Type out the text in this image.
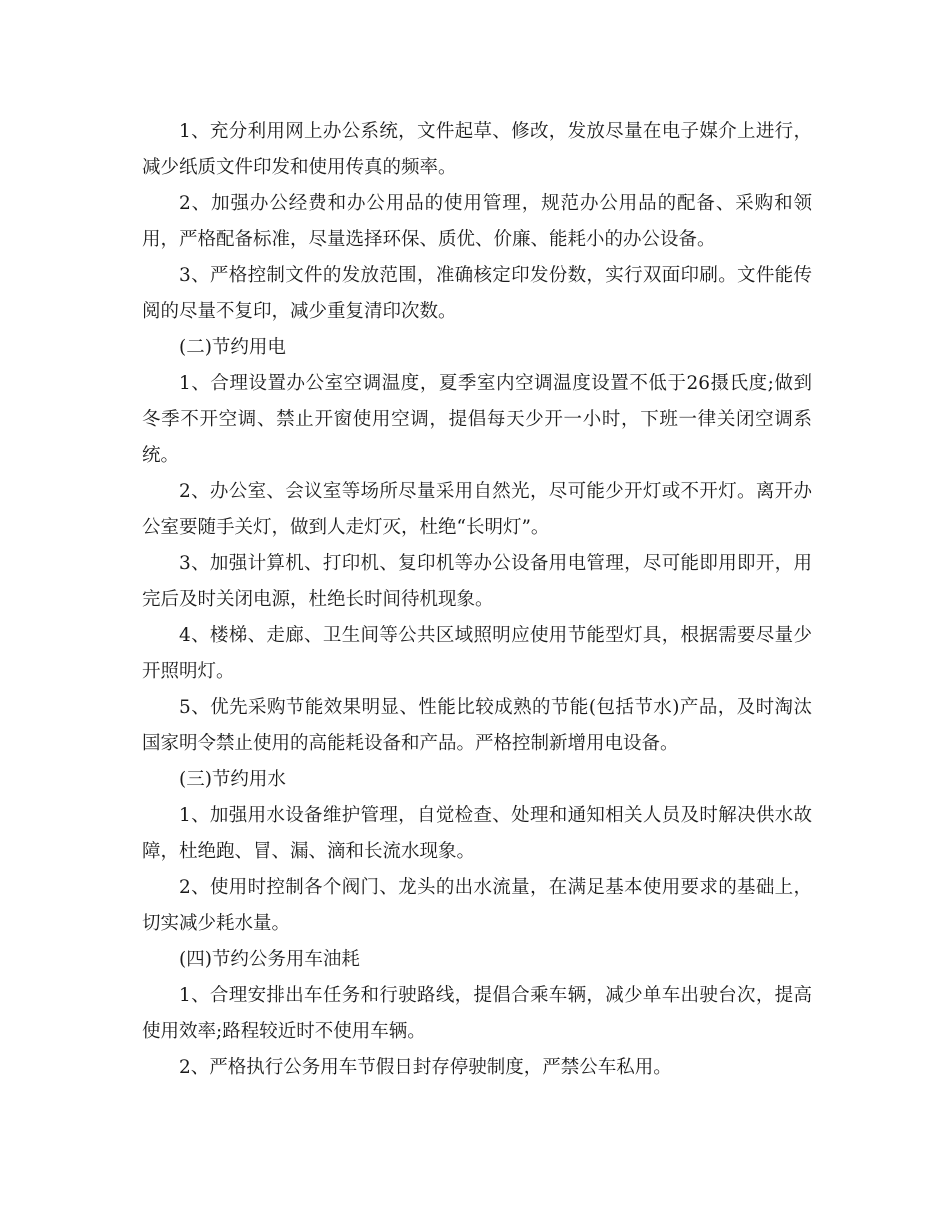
1、充分利用网上办公系统，文件起草、修改，发放尽量在电子媒介上进行，减少纸质文件印发和使用传真的频率。

2、加强办公经费和办公用品的使用管理，规范办公用品的配备、采购和领用，严格配备标准，尽量选择环保、质优、价廉、能耗小的办公设备。

3、严格控制文件的发放范围，准确核定印发份数，实行双面印刷。文件能传阅的尽量不复印，减少重复清印次数。

(二)节约用电

1、合理设置办公室空调温度，夏季室内空调温度设置不低于26摄氏度;做到冬季不开空调、禁止开窗使用空调，提倡每天少开一小时，下班一律关闭空调系统。

2、办公室、会议室等场所尽量采用自然光，尽可能少开灯或不开灯。离开办公室要随手关灯，做到人走灯灭，杜绝“长明灯”。

3、加强计算机、打印机、复印机等办公设备用电管理，尽可能即用即开，用完后及时关闭电源，杜绝长时间待机现象。

4、楼梯、走廊、卫生间等公共区域照明应使用节能型灯具，根据需要尽量少开照明灯。

5、优先采购节能效果明显、性能比较成熟的节能(包括节水)产品，及时淘汰国家明令禁止使用的高能耗设备和产品。严格控制新增用电设备。

(三)节约用水

1、加强用水设备维护管理，自觉检查、处理和通知相关人员及时解决供水故障，杜绝跑、冒、漏、滴和长流水现象。

2、使用时控制各个阀门、龙头的出水流量，在满足基本使用要求的基础上，切实减少耗水量。

(四)节约公务用车油耗

1、合理安排出车任务和行驶路线，提倡合乘车辆，减少单车出驶台次，提高使用效率;路程较近时不使用车辆。

2、严格执行公务用车节假日封存停驶制度，严禁公车私用。
